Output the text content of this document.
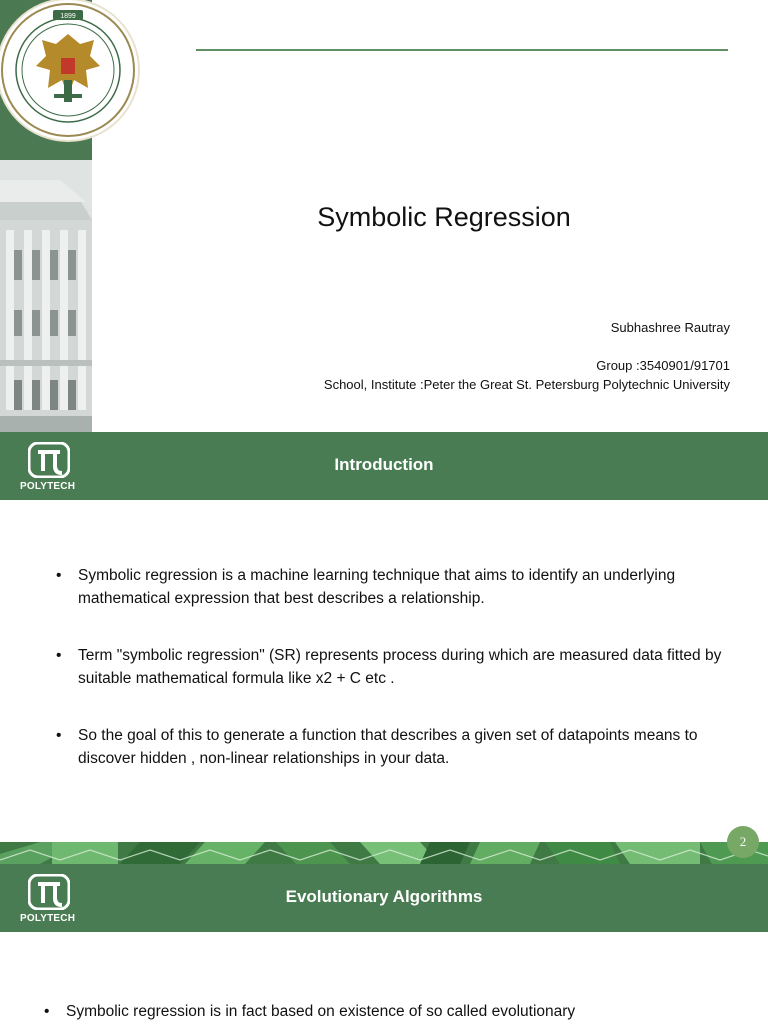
1899
Symbolic Regression
Subhashree Rautray
Group :3540901/91701
School, Institute :Peter the Great St. Petersburg Polytechnic University
POLYTECH
Introduction
• Symbolic regression is a machine learning technique that aims to identify an underlying mathematical expression that best describes a relationship.
• Term "symbolic regression" (SR) represents process during which are measured data fitted by suitable mathematical formula like x2 + C etc .
• So the goal of this to generate a function that describes a given set of datapoints means to discover hidden , non-linear relationships in your data.
2
POLYTECH
Evolutionary Algorithms
• Symbolic regression is in fact based on existence of so called evolutionary
